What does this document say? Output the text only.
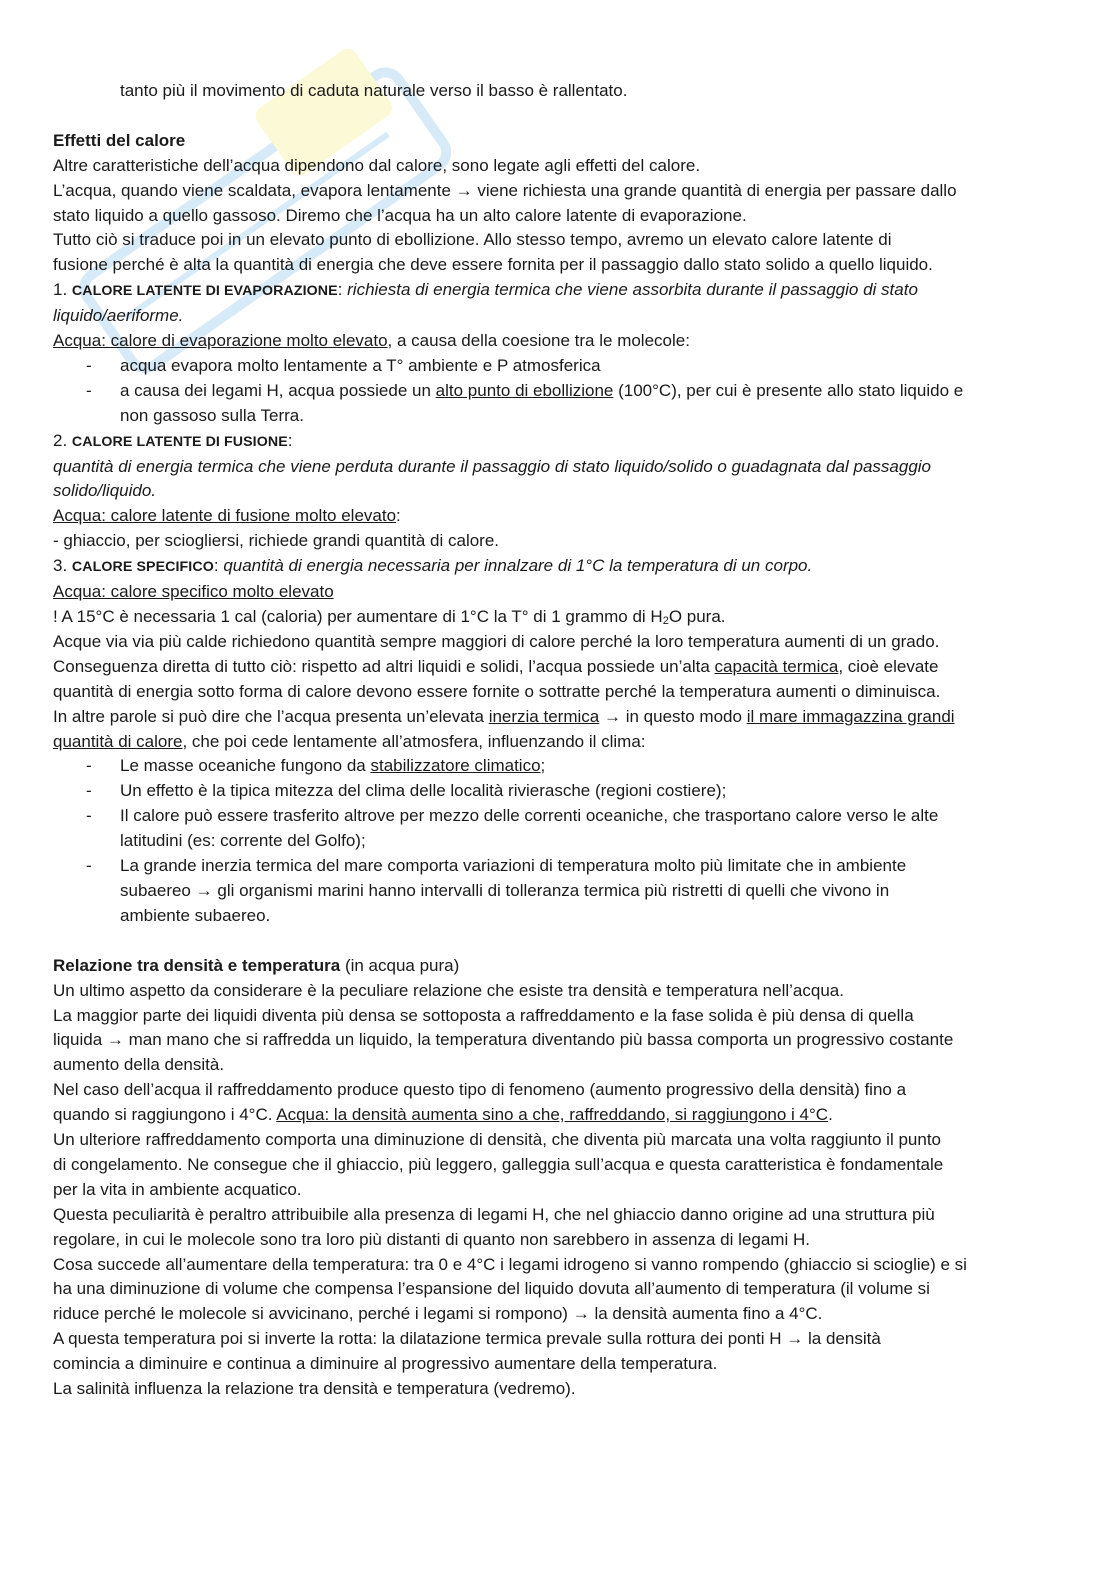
tanto più il movimento di caduta naturale verso il basso è rallentato.
Effetti del calore
Altre caratteristiche dell’acqua dipendono dal calore, sono legate agli effetti del calore.
L’acqua, quando viene scaldata, evapora lentamente → viene richiesta una grande quantità di energia per passare dallo
stato liquido a quello gassoso. Diremo che l’acqua ha un alto calore latente di evaporazione.
Tutto ciò si traduce poi in un elevato punto di ebollizione. Allo stesso tempo, avremo un elevato calore latente di
fusione perché è alta la quantità di energia che deve essere fornita per il passaggio dallo stato solido a quello liquido.
1. CALORE LATENTE DI EVAPORAZIONE: richiesta di energia termica che viene assorbita durante il passaggio di stato
liquido/aeriforme.
Acqua: calore di evaporazione molto elevato, a causa della coesione tra le molecole:
- acqua evapora molto lentamente a T° ambiente e P atmosferica
- a causa dei legami H, acqua possiede un alto punto di ebollizione (100°C), per cui è presente allo stato liquido e
non gassoso sulla Terra.
2. CALORE LATENTE DI FUSIONE:
quantità di energia termica che viene perduta durante il passaggio di stato liquido/solido o guadagnata dal passaggio
solido/liquido.
Acqua: calore latente di fusione molto elevato:
- ghiaccio, per sciogliersi, richiede grandi quantità di calore.
3. CALORE SPECIFICO: quantità di energia necessaria per innalzare di 1°C la temperatura di un corpo.
Acqua: calore specifico molto elevato
! A 15°C è necessaria 1 cal (caloria) per aumentare di 1°C la T° di 1 grammo di $H_2O$ pura.
Acque via via più calde richiedono quantità sempre maggiori di calore perché la loro temperatura aumenti di un grado.
Conseguenza diretta di tutto ciò: rispetto ad altri liquidi e solidi, l’acqua possiede un’alta capacità termica, cioè elevate
quantità di energia sotto forma di calore devono essere fornite o sottratte perché la temperatura aumenti o diminuisca.
In altre parole si può dire che l’acqua presenta un’elevata inerzia termica → in questo modo il mare immagazzina grandi
quantità di calore, che poi cede lentamente all’atmosfera, influenzando il clima:
- Le masse oceaniche fungono da stabilizzatore climatico;
- Un effetto è la tipica mitezza del clima delle località rivierasche (regioni costiere);
- Il calore può essere trasferito altrove per mezzo delle correnti oceaniche, che trasportano calore verso le alte
latitudini (es: corrente del Golfo);
- La grande inerzia termica del mare comporta variazioni di temperatura molto più limitate che in ambiente
subaereo → gli organismi marini hanno intervalli di tolleranza termica più ristretti di quelli che vivono in
ambiente subaereo.
Relazione tra densità e temperatura (in acqua pura)
Un ultimo aspetto da considerare è la peculiare relazione che esiste tra densità e temperatura nell’acqua.
La maggior parte dei liquidi diventa più densa se sottoposta a raffreddamento e la fase solida è più densa di quella
liquida → man mano che si raffredda un liquido, la temperatura diventando più bassa comporta un progressivo costante
aumento della densità.
Nel caso dell’acqua il raffreddamento produce questo tipo di fenomeno (aumento progressivo della densità) fino a
quando si raggiungono i 4°C. Acqua: la densità aumenta sino a che, raffreddando, si raggiungono i 4°C.
Un ulteriore raffreddamento comporta una diminuzione di densità, che diventa più marcata una volta raggiunto il punto
di congelamento. Ne consegue che il ghiaccio, più leggero, galleggia sull’acqua e questa caratteristica è fondamentale
per la vita in ambiente acquatico.
Questa peculiarità è peraltro attribuibile alla presenza di legami H, che nel ghiaccio danno origine ad una struttura più
regolare, in cui le molecole sono tra loro più distanti di quanto non sarebbero in assenza di legami H.
Cosa succede all’aumentare della temperatura: tra 0 e 4°C i legami idrogeno si vanno rompendo (ghiaccio si scioglie) e si
ha una diminuzione di volume che compensa l’espansione del liquido dovuta all’aumento di temperatura (il volume si
riduce perché le molecole si avvicinano, perché i legami si rompono) → la densità aumenta fino a 4°C.
A questa temperatura poi si inverte la rotta: la dilatazione termica prevale sulla rottura dei ponti H → la densità
comincia a diminuire e continua a diminuire al progressivo aumentare della temperatura.
La salinità influenza la relazione tra densità e temperatura (vedremo).
